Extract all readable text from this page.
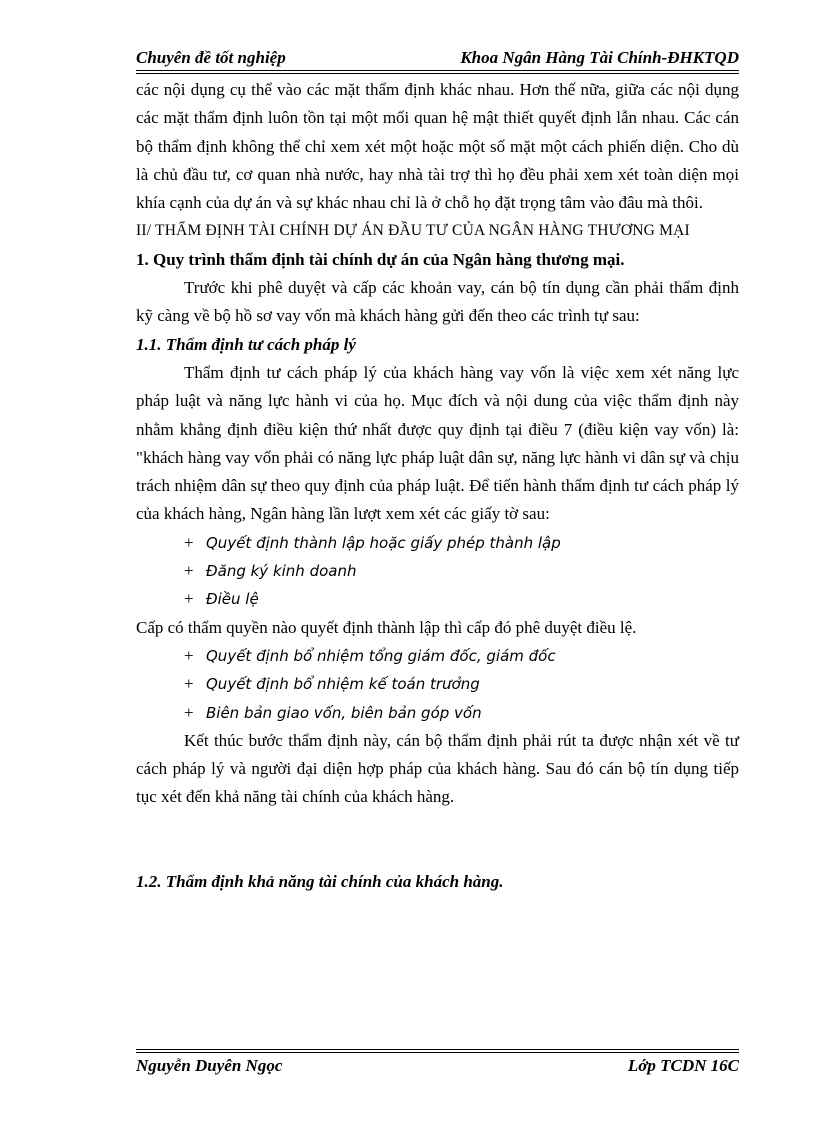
Chuyên đề tốt nghiệp	Khoa Ngân Hàng Tài Chính-ĐHKTQD

các nội dụng cụ thể vào các mặt thẩm định khác nhau. Hơn thế nữa, giữa các nội dụng các mặt thẩm định luôn tồn tại một mối quan hệ mật thiết quyết định lẫn nhau. Các cán bộ thẩm định không thể chỉ xem xét một hoặc một số mặt một cách phiến diện. Cho dù là chủ đầu tư, cơ quan nhà nước, hay nhà tài trợ thì họ đều phải xem xét toàn diện mọi khía cạnh của dự án và sự khác nhau chỉ là ở chỗ họ đặt trọng tâm vào đâu mà thôi.

II/ THẨM ĐỊNH TÀI CHÍNH DỰ ÁN ĐẦU TƯ CỦA NGÂN HÀNG THƯƠNG MẠI

1. Quy trình thẩm định tài chính dự án của Ngân hàng thương mại.

Trước khi phê duyệt và cấp các khoản vay, cán bộ tín dụng cần phải thẩm định kỹ càng về bộ hồ sơ vay vốn mà khách hàng gửi đến theo các trình tự sau:

1.1. Thẩm định tư cách pháp lý

Thẩm định tư cách pháp lý của khách hàng vay vốn là việc xem xét năng lực pháp luật và năng lực hành vi của họ. Mục đích và nội dung của việc thẩm định này nhằm khẳng định điều kiện thứ nhất được quy định tại điều 7 (điều kiện vay vốn) là: "khách hàng vay vốn phải có năng lực pháp luật dân sự, năng lực hành vi dân sự và chịu trách nhiệm dân sự theo quy định của pháp luật. Để tiến hành thẩm định tư cách pháp lý của khách hàng, Ngân hàng lần lượt xem xét các giấy tờ sau:

+ Quyết định thành lập hoặc giấy phép thành lập

+ Đăng ký kinh doanh

+ Điều lệ

Cấp có thẩm quyền nào quyết định thành lập thì cấp đó phê duyệt điều lệ.

+ Quyết định bổ nhiệm tổng giám đốc, giám đốc

+ Quyết định bổ nhiệm kế toán trưởng

+ Biên bản giao vốn, biên bản góp vốn

Kết thúc bước thẩm định này, cán bộ thẩm định phải rút ta được nhận xét về tư cách pháp lý và người đại diện hợp pháp của khách hàng. Sau đó cán bộ tín dụng tiếp tục xét đến khả năng tài chính của khách hàng.

1.2. Thẩm định khả năng tài chính của khách hàng.

Nguyễn Duyên Ngọc	Lớp TCDN 16C
